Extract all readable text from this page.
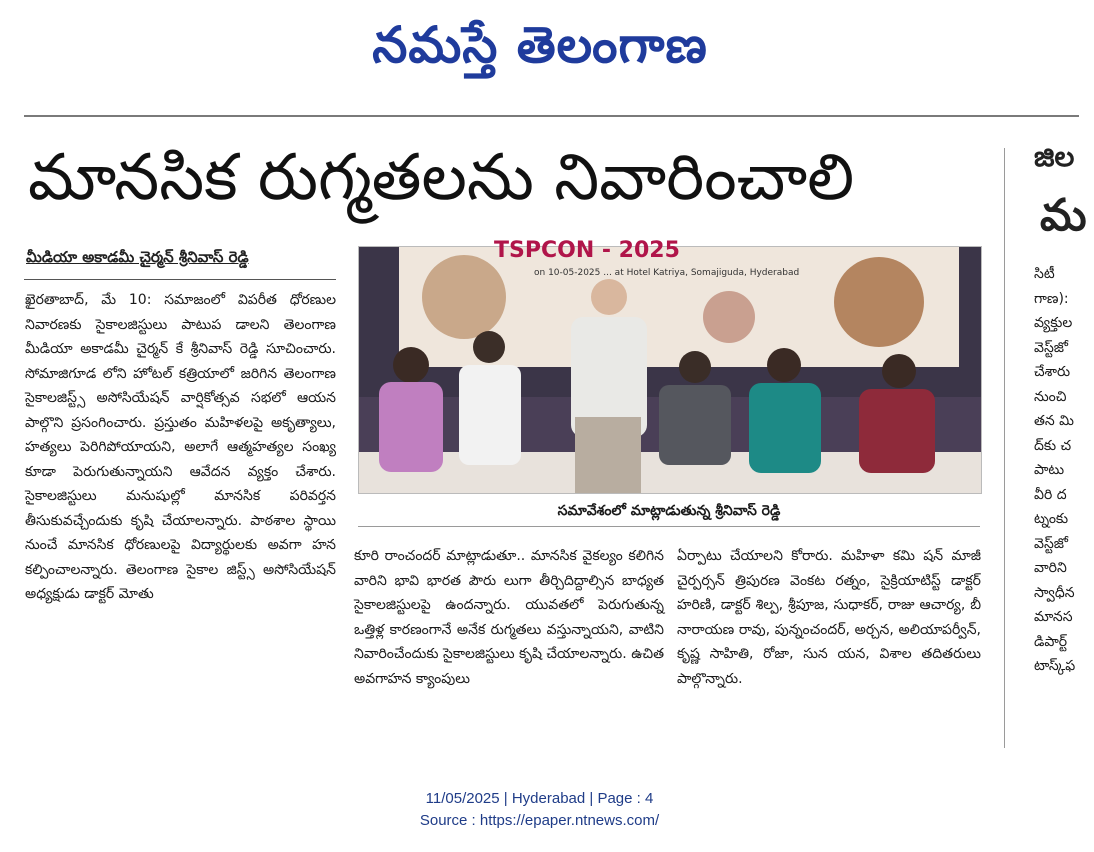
నమస్తే తెలంగాణ
మానసిక రుగ్మతలను నివారించాలి
మీడియా అకాడమీ చైర్మన్ శ్రీనివాస్ రెడ్డి

ఖైరతాబాద్, మే 10: సమాజంలో విపరీత ధోరణుల నివారణకు సైకాలజిస్టులు పాటుప డాలని తెలంగాణ మీడియా అకాడమీ చైర్మన్ కే శ్రీనివాస్ రెడ్డి సూచించారు. సోమాజిగూడ లోని హోటల్ కత్రియాలో జరిగిన తెలంగాణ సైకాలజిస్ట్స్ అసోసియేషన్ వార్షికోత్సవ సభలో ఆయన పాల్గొని ప్రసంగించారు. ప్రస్తుతం మహిళలపై అకృత్యాలు, హత్యలు పెరిగిపోయాయని, అలాగే ఆత్మహత్యల సంఖ్య కూడా పెరుగుతున్నాయని ఆవేదన వ్యక్తం చేశారు. సైకాలజిస్టులు మనుషుల్లో మానసిక పరివర్తన తీసుకువచ్చేందుకు కృషి చేయాలన్నారు. పాఠశాల స్థాయి నుంచే మానసిక ధోరణులపై విద్యార్థులకు అవగా హన కల్పించాలన్నారు. తెలంగాణ సైకాల జిస్ట్స్ అసోసియేషన్ అధ్యక్షుడు డాక్టర్ మోతు

TSPCON - 2025
on 10-05-2025 ... at Hotel Katriya, Somajiguda, Hyderabad
సమావేశంలో మాట్లాడుతున్న శ్రీనివాస్ రెడ్డి

కూరి రాంచందర్ మాట్లాడుతూ.. మానసిక వైకల్యం కలిగిన వారిని భావి భారత పౌరు లుగా తీర్చిదిద్దాల్సిన బాధ్యత సైకాలజిస్టులపై ఉందన్నారు. యువతలో పెరుగుతున్న ఒత్తిళ్ల కారణంగానే అనేక రుగ్మతలు వస్తున్నాయని, వాటిని నివారించేందుకు సైకాలజిస్టులు కృషి చేయాలన్నారు. ఉచిత అవగాహన క్యాంపులు

ఏర్పాటు చేయాలని కోరారు. మహిళా కమి షన్ మాజీ చైర్పర్సన్ త్రిపురణ వెంకట రత్నం, సైక్రియాటిస్ట్ డాక్టర్ హరిణి, డాక్టర్ శిల్ప, శ్రీపూజ, సుధాకర్, రాజు ఆచార్య, బీ నారాయణ రావు, పున్నంచందర్, అర్చన, అలియాపర్వీన్, కృష్ణ సాహితి, రోజా, సున యన, విశాల తదితరులు పాల్గొన్నారు.

జిల
మ
సిటీ
గాణ):
వ్యక్తుల
వెస్ట్‌జో
చేశారు
నుంచి
తన మి
ద్‌కు చ
పాటు
వీరి ద
ట్నంకు
వెస్ట్‌జో
వారిని
స్వాధీన
మానస
డిపార్ట్
టాస్క్‌ఫ
11/05/2025 | Hyderabad | Page : 4
Source : https://epaper.ntnews.com/
